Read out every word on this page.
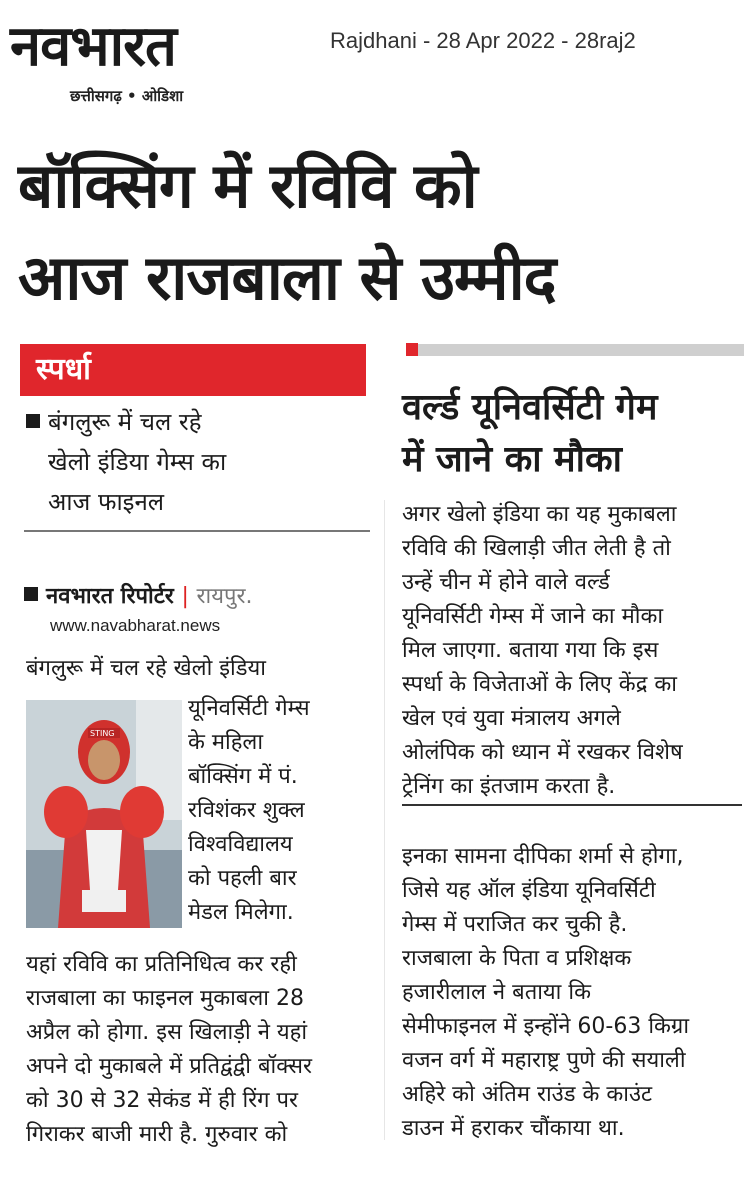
नवभारत
छत्तीसगढ़ • ओडिशा
Rajdhani - 28 Apr 2022 - 28raj2
बॉक्सिंग में रविवि को
आज राजबाला से उम्मीद
स्पर्धा
बंगलुरू में चल रहे
खेलो इंडिया गेम्स का
आज फाइनल
नवभारत रिपोर्टर | रायपुर.
www.navabharat.news
बंगलुरू में चल रहे खेलो इंडिया
STING
यूनिवर्सिटी गेम्स
के महिला
बॉक्सिंग में पं.
रविशंकर शुक्ल
विश्वविद्यालय
को पहली बार
मेडल मिलेगा.
यहां रविवि का प्रतिनिधित्व कर रही
राजबाला का फाइनल मुकाबला 28
अप्रैल को होगा. इस खिलाड़ी ने यहां
अपने दो मुकाबले में प्रतिद्वंद्वी बॉक्सर
को 30 से 32 सेकंड में ही रिंग पर
गिराकर बाजी मारी है. गुरुवार को
वर्ल्ड यूनिवर्सिटी गेम
में जाने का मौका
अगर खेलो इंडिया का यह मुकाबला
रविवि की खिलाड़ी जीत लेती है तो
उन्हें चीन में होने वाले वर्ल्ड
यूनिवर्सिटी गेम्स में जाने का मौका
मिल जाएगा. बताया गया कि इस
स्पर्धा के विजेताओं के लिए केंद्र का
खेल एवं युवा मंत्रालय अगले
ओलंपिक को ध्यान में रखकर विशेष
ट्रेनिंग का इंतजाम करता है.
इनका सामना दीपिका शर्मा से होगा,
जिसे यह ऑल इंडिया यूनिवर्सिटी
गेम्स में पराजित कर चुकी है.
राजबाला के पिता व प्रशिक्षक
हजारीलाल ने बताया कि
सेमीफाइनल में इन्होंने 60-63 किग्रा
वजन वर्ग में महाराष्ट्र पुणे की सयाली
अहिरे को अंतिम राउंड के काउंट
डाउन में हराकर चौंकाया था.
